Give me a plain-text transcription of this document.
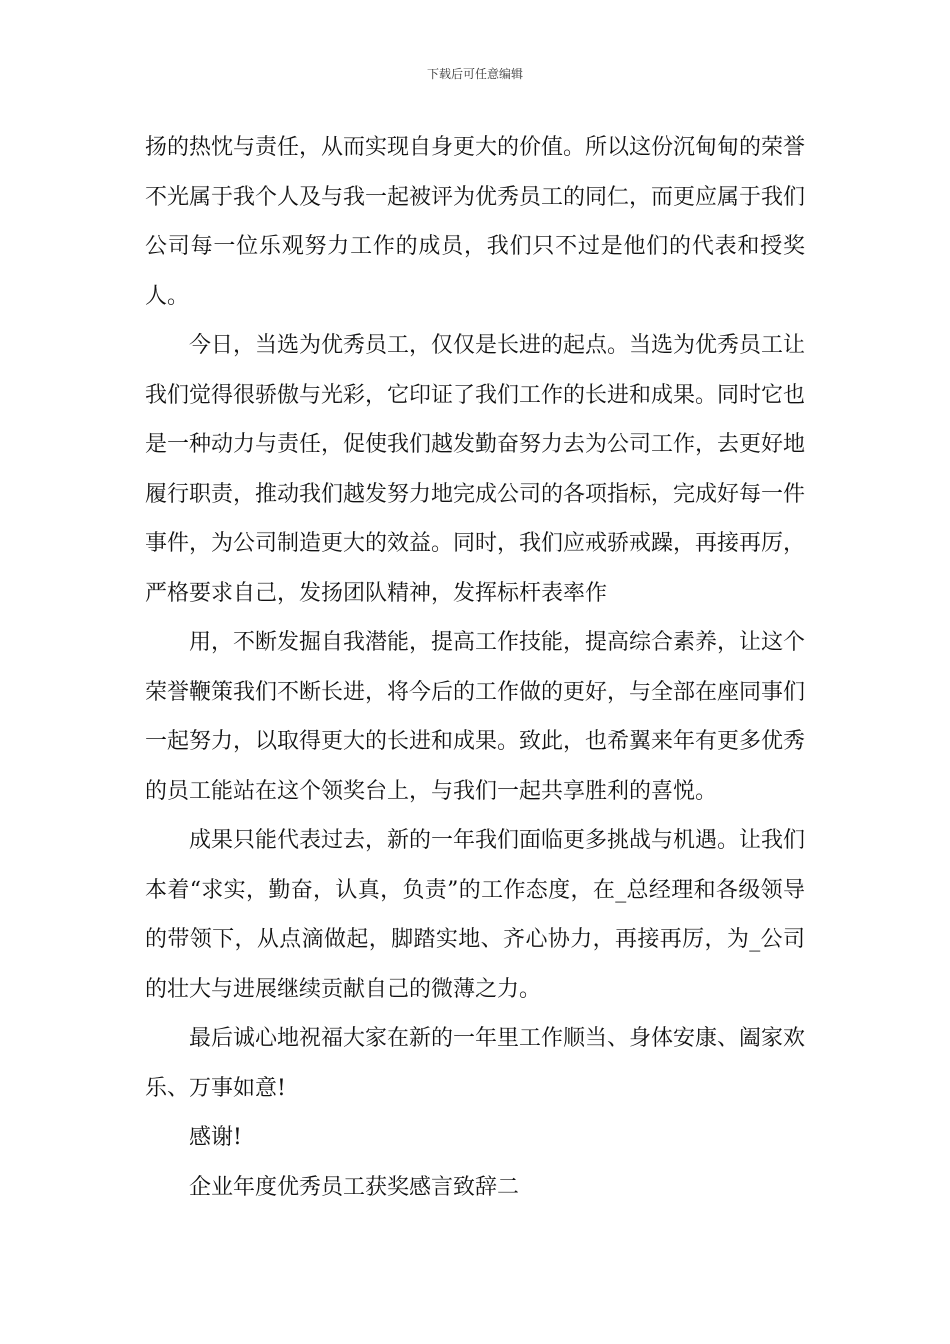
下载后可任意编辑

扬的热忱与责任，从而实现自身更大的价值。所以这份沉甸甸的荣誉不光属于我个人及与我一起被评为优秀员工的同仁，而更应属于我们公司每一位乐观努力工作的成员，我们只不过是他们的代表和授奖人。

今日，当选为优秀员工，仅仅是长进的起点。当选为优秀员工让我们觉得很骄傲与光彩，它印证了我们工作的长进和成果。同时它也是一种动力与责任，促使我们越发勤奋努力去为公司工作，去更好地履行职责，推动我们越发努力地完成公司的各项指标，完成好每一件事件，为公司制造更大的效益。同时，我们应戒骄戒躁，再接再厉，严格要求自己，发扬团队精神，发挥标杆表率作

用，不断发掘自我潜能，提高工作技能，提高综合素养，让这个荣誉鞭策我们不断长进，将今后的工作做的更好，与全部在座同事们一起努力，以取得更大的长进和成果。致此，也希翼来年有更多优秀的员工能站在这个领奖台上，与我们一起共享胜利的喜悦。

成果只能代表过去，新的一年我们面临更多挑战与机遇。让我们本着“求实，勤奋，认真，负责”的工作态度，在_总经理和各级领导的带领下，从点滴做起，脚踏实地、齐心协力，再接再厉，为_公司的壮大与进展继续贡献自己的微薄之力。

最后诚心地祝福大家在新的一年里工作顺当、身体安康、阖家欢乐、万事如意!

感谢!

企业年度优秀员工获奖感言致辞二
